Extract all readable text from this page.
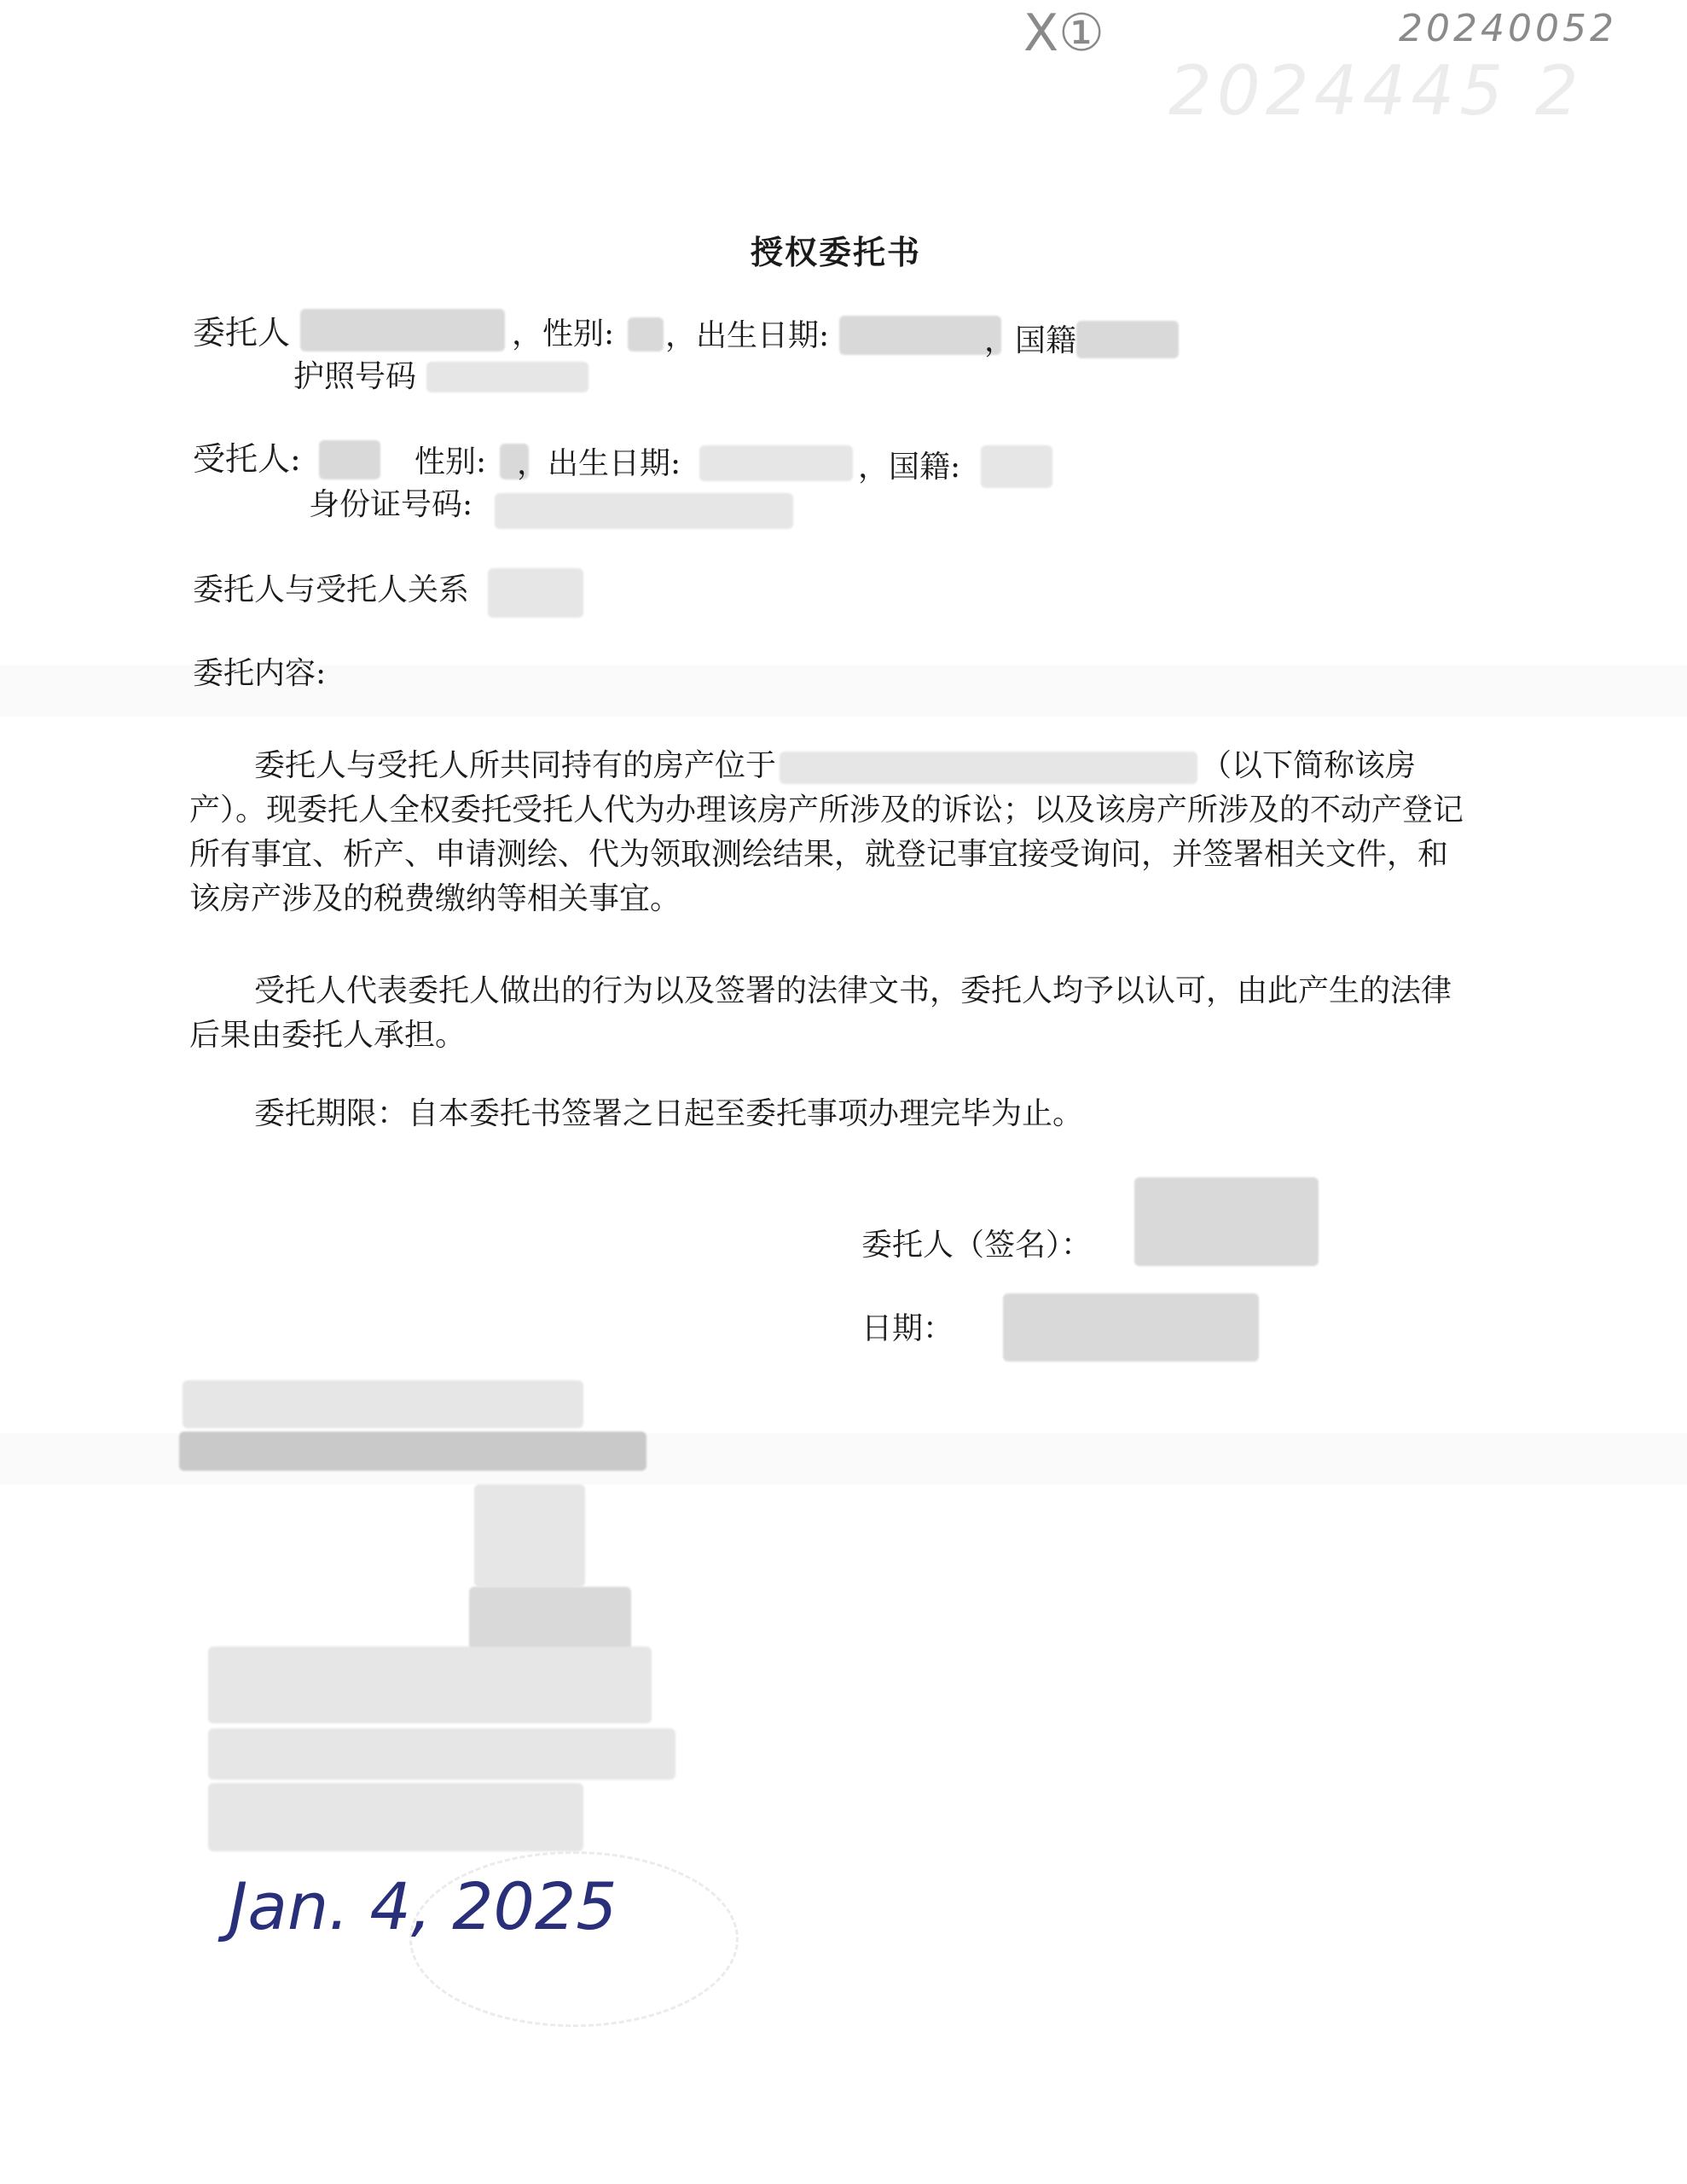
X①	20240052
2024445 2
授权委托书
委托人	，性别: ，出生日期:	，国籍
护照号码
受托人:	性别: ，出生日期:	，国籍:
身份证号码:
委托人与受托人关系
委托内容:
委托人与受托人所共同持有的房产位于	（以下简称该房产）。现委托人全权委托受托人代为办理该房产所涉及的诉讼；以及该房产所涉及的不动产登记所有事宜、析产、申请测绘、代为领取测绘结果，就登记事宜接受询问，并签署相关文件，和该房产涉及的税费缴纳等相关事宜。
受托人代表委托人做出的行为以及签署的法律文书，委托人均予以认可，由此产生的法律后果由委托人承担。
委托期限：自本委托书签署之日起至委托事项办理完毕为止。
委托人（签名）：
日期：
Jan. 4, 2025
